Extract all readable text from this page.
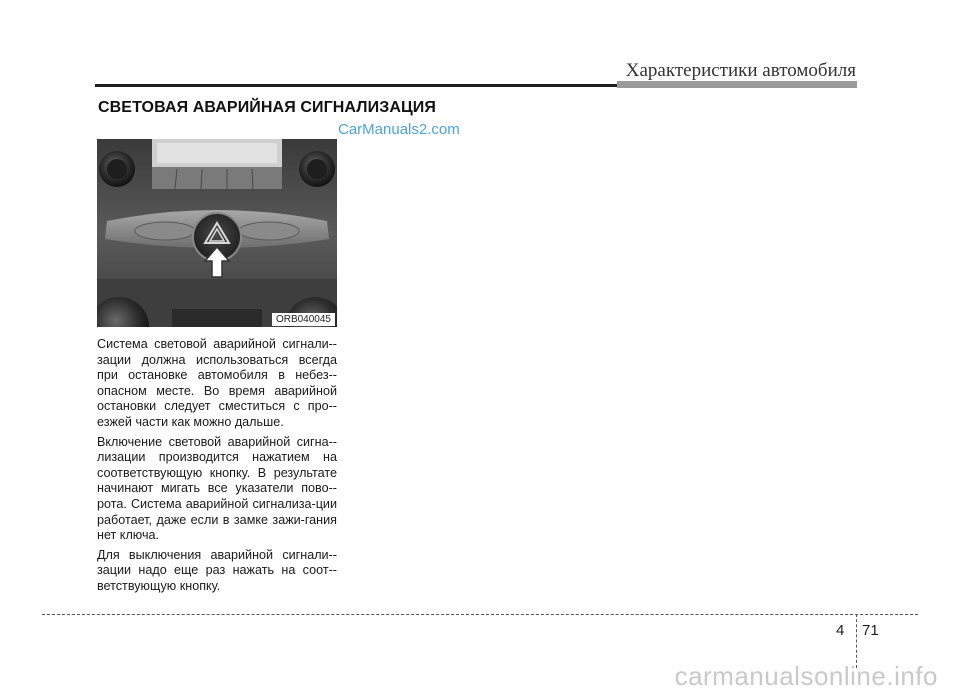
Характеристики автомобиля
СВЕТОВАЯ АВАРИЙНАЯ СИГНАЛИЗАЦИЯ
CarManuals2.com
ORB040045

Система световой аварийной сигнали-зации должна использоваться всегда при остановке автомобиля в небез-опасном месте. Во время аварийной остановки следует сместиться с про-езжей части как можно дальше.

Включение световой аварийной сигна-лизации производится нажатием на соответствующую кнопку. В результате начинают мигать все указатели пово-рота. Система аварийной сигнализа-ции работает, даже если в замке зажи-гания нет ключа.

Для выключения аварийной сигнали-зации надо еще раз нажать на соот-ветствующую кнопку.

4 71
carmanualsonline.info
